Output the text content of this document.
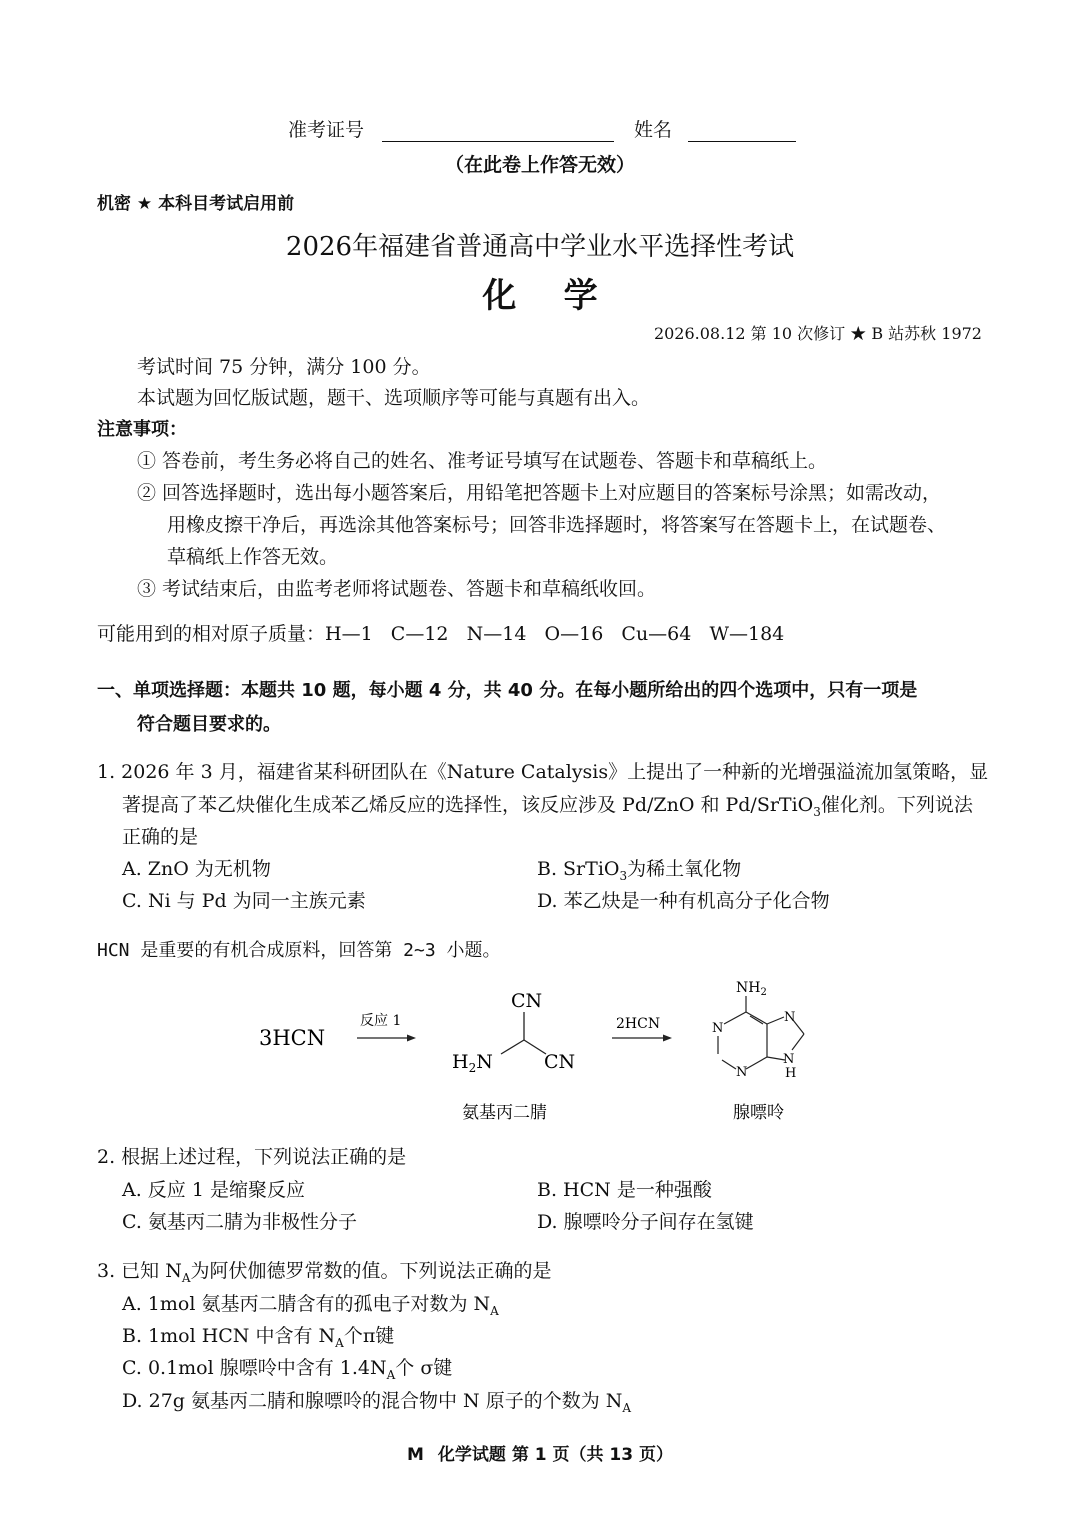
准考证号	姓名
（在此卷上作答无效）
机密 ★ 本科目考试启用前
2026年福建省普通高中学业水平选择性考试
化    学
2026.08.12 第 10 次修订 ★ B 站苏秋 1972
考试时间 75 分钟，满分 100 分。
本试题为回忆版试题，题干、选项顺序等可能与真题有出入。
注意事项：
① 答卷前，考生务必将自己的姓名、准考证号填写在试题卷、答题卡和草稿纸上。
② 回答选择题时，选出每小题答案后，用铅笔把答题卡上对应题目的答案标号涂黑；如需改动，
用橡皮擦干净后，再选涂其他答案标号；回答非选择题时，将答案写在答题卡上，在试题卷、
草稿纸上作答无效。
③ 考试结束后，由监考老师将试题卷、答题卡和草稿纸收回。
可能用到的相对原子质量：H—1   C—12   N—14   O—16   Cu—64   W—184
一、单项选择题：本题共 10 题，每小题 4 分，共 40 分。在每小题所给出的四个选项中，只有一项是
符合题目要求的。
1. 2026 年 3 月，福建省某科研团队在《Nature Catalysis》上提出了一种新的光增强溢流加氢策略，显
著提高了苯乙炔催化生成苯乙烯反应的选择性，该反应涉及 Pd/ZnO 和 Pd/SrTiO$_3$催化剂。下列说法
正确的是
A. ZnO 为无机物	B. SrTiO$_3$为稀土氧化物
C. Ni 与 Pd 为同一主族元素	D. 苯乙炔是一种有机高分子化合物
HCN 是重要的有机合成原料，回答第 2~3 小题。
3HCN
反应 1
CN
$H_2N$	CN
2HCN
$NH_2$
N
N
N
N
H
氨基丙二腈	腺嘌呤
2. 根据上述过程，下列说法正确的是
A. 反应 1 是缩聚反应	B. HCN 是一种强酸
C. 氨基丙二腈为非极性分子	D. 腺嘌呤分子间存在氢键
3. 已知 $N_A$为阿伏伽德罗常数的值。下列说法正确的是
A. 1mol 氨基丙二腈含有的孤电子对数为 $N_A$
B. 1mol HCN 中含有 $N_A$个π键
C. 0.1mol 腺嘌呤中含有 $1.4N_A$个 σ键
D. 27g 氨基丙二腈和腺嘌呤的混合物中 N 原子的个数为 $N_A$
M 化学试题 第 1 页（共 13 页）
